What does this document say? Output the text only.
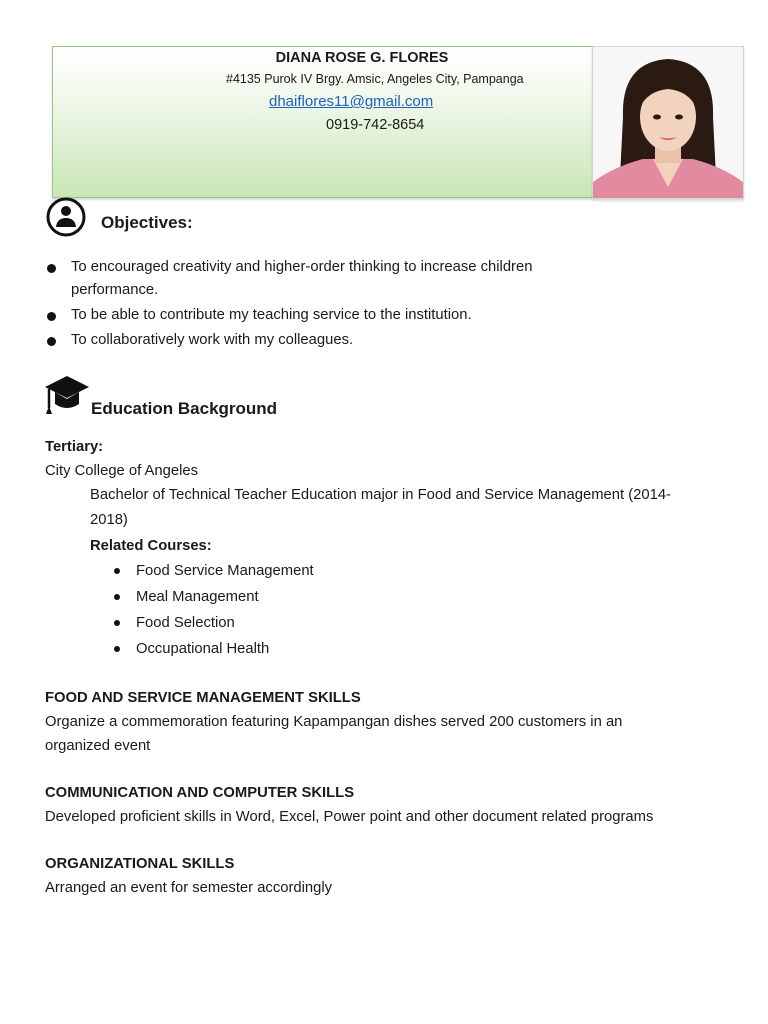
DIANA ROSE G. FLORES
#4135 Purok IV Brgy. Amsic, Angeles City, Pampanga
dhaiflores11@gmail.com
0919-742-8654
Objectives:
To encouraged creativity and higher-order thinking to increase children
performance.
To be able to contribute my teaching service to the institution.
To collaboratively work with my colleagues.
Education Background
Tertiary:
City College of Angeles
Bachelor of Technical Teacher Education major in Food and Service Management (2014-
2018)
Related Courses:
Food Service Management
Meal Management
Food Selection
Occupational Health
FOOD AND SERVICE MANAGEMENT SKILLS
Organize a commemoration featuring Kapampangan dishes served 200 customers in an
organized event
COMMUNICATION AND COMPUTER SKILLS
Developed proficient skills in Word, Excel, Power point and other document related programs
ORGANIZATIONAL SKILLS
Arranged an event for semester accordingly
